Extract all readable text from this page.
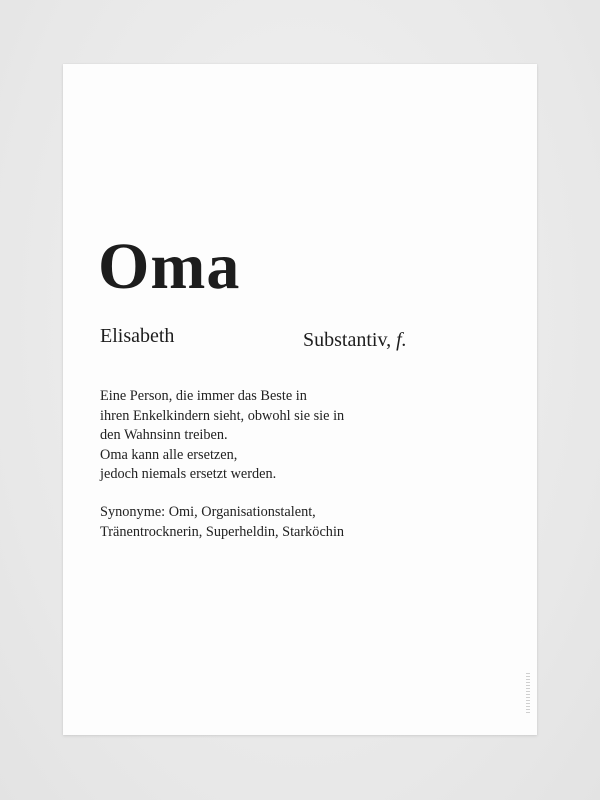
Oma
Elisabeth	Substantiv, f.
Eine Person, die immer das Beste in
ihren Enkelkindern sieht, obwohl sie sie in
den Wahnsinn treiben.
Oma kann alle ersetzen,
jedoch niemals ersetzt werden.
Synonyme: Omi, Organisationstalent,
Tränentrocknerin, Superheldin, Starköchin
